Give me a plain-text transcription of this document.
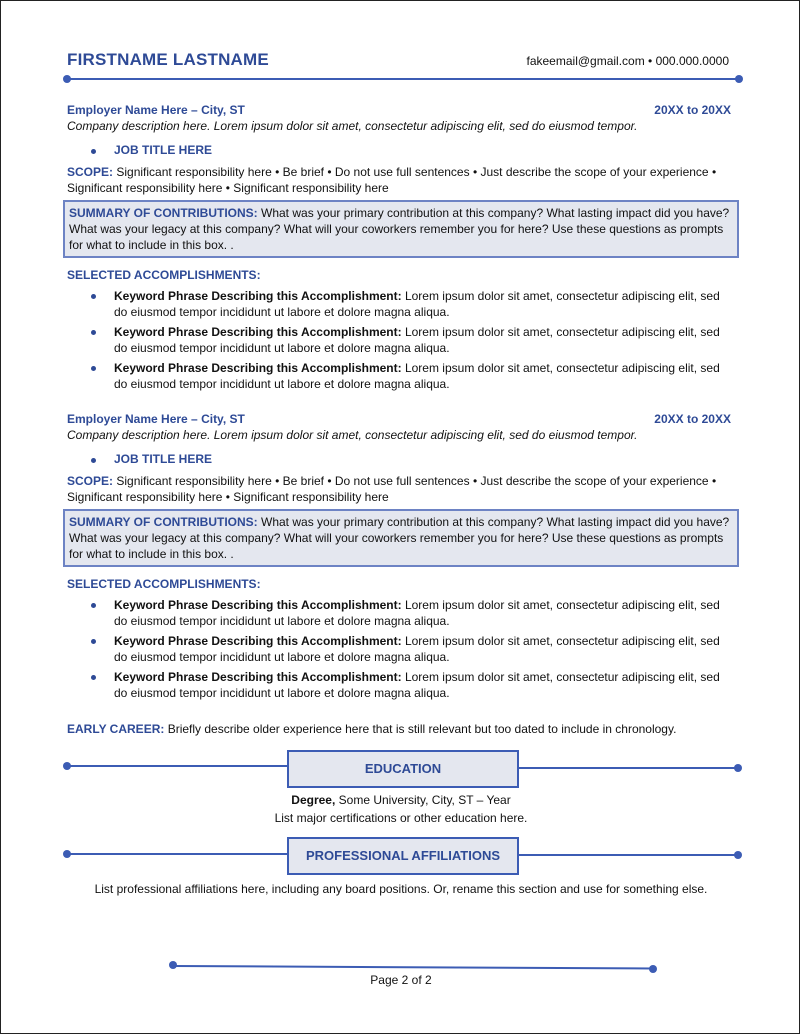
FIRSTNAME LASTNAME	fakeemail@gmail.com • 000.000.0000
Employer Name Here – City, ST	20XX to 20XX
Company description here. Lorem ipsum dolor sit amet, consectetur adipiscing elit, sed do eiusmod tempor.
JOB TITLE HERE
SCOPE: Significant responsibility here • Be brief • Do not use full sentences • Just describe the scope of your experience • Significant responsibility here • Significant responsibility here
SUMMARY OF CONTRIBUTIONS: What was your primary contribution at this company? What lasting impact did you have? What was your legacy at this company? What will your coworkers remember you for here? Use these questions as prompts for what to include in this box. .
SELECTED ACCOMPLISHMENTS:
Keyword Phrase Describing this Accomplishment: Lorem ipsum dolor sit amet, consectetur adipiscing elit, sed do eiusmod tempor incididunt ut labore et dolore magna aliqua.
Keyword Phrase Describing this Accomplishment: Lorem ipsum dolor sit amet, consectetur adipiscing elit, sed do eiusmod tempor incididunt ut labore et dolore magna aliqua.
Keyword Phrase Describing this Accomplishment: Lorem ipsum dolor sit amet, consectetur adipiscing elit, sed do eiusmod tempor incididunt ut labore et dolore magna aliqua.
Employer Name Here – City, ST	20XX to 20XX
Company description here. Lorem ipsum dolor sit amet, consectetur adipiscing elit, sed do eiusmod tempor.
JOB TITLE HERE
SCOPE: Significant responsibility here • Be brief • Do not use full sentences • Just describe the scope of your experience • Significant responsibility here • Significant responsibility here
SUMMARY OF CONTRIBUTIONS: What was your primary contribution at this company? What lasting impact did you have? What was your legacy at this company? What will your coworkers remember you for here? Use these questions as prompts for what to include in this box. .
SELECTED ACCOMPLISHMENTS:
Keyword Phrase Describing this Accomplishment: Lorem ipsum dolor sit amet, consectetur adipiscing elit, sed do eiusmod tempor incididunt ut labore et dolore magna aliqua.
Keyword Phrase Describing this Accomplishment: Lorem ipsum dolor sit amet, consectetur adipiscing elit, sed do eiusmod tempor incididunt ut labore et dolore magna aliqua.
Keyword Phrase Describing this Accomplishment: Lorem ipsum dolor sit amet, consectetur adipiscing elit, sed do eiusmod tempor incididunt ut labore et dolore magna aliqua.
EARLY CAREER: Briefly describe older experience here that is still relevant but too dated to include in chronology.
EDUCATION
Degree, Some University, City, ST – Year
List major certifications or other education here.
PROFESSIONAL AFFILIATIONS
List professional affiliations here, including any board positions. Or, rename this section and use for something else.
Page 2 of 2
